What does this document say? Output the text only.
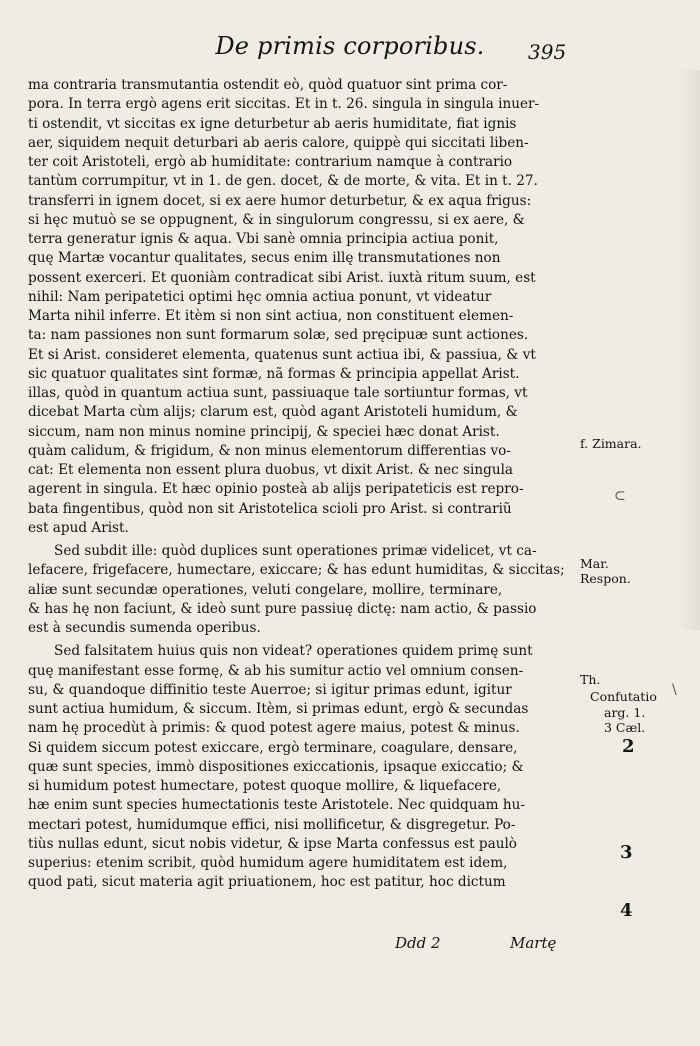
De primis corporibus.	395
ma contraria transmutantia ostendit eò, quòd quatuor sint prima cor-
pora. In terra ergò agens erit siccitas. Et in t. 26. singula in singula inuer-
ti ostendit, vt siccitas ex igne deturbetur ab aeris humiditate, fiat ignis
aer, siquidem nequit deturbari ab aeris calore, quippè qui siccitati liben-
ter coit Aristoteli, ergò ab humiditate: contrarium namque à contrario
tantùm corrumpitur, vt in 1. de gen. docet, & de morte, & vita. Et in t. 27.
transferri in ignem docet, si ex aere humor deturbetur, & ex aqua frigus:
si hęc mutuò se se oppugnent, & in singulorum congressu, si ex aere, &
terra generatur ignis & aqua. Vbi sanè omnia principia actiua ponit,
quę Martæ vocantur qualitates, secus enim illę transmutationes non
possent exerceri. Et quoniàm contradicat sibi Arist. iuxtà ritum suum, est
nihil: Nam peripatetici optimi hęc omnia actiua ponunt, vt videatur
Marta nihil inferre. Et itèm si non sint actiua, non constituent elemen-
ta: nam passiones non sunt formarum solæ, sed pręcipuæ sunt actiones.
Et si Arist. consideret elementa, quatenus sunt actiua ibi, & passiua, & vt
sic quatuor qualitates sint formæ, nã formas & principia appellat Arist.
illas, quòd in quantum actiua sunt, passiuaque tale sortiuntur formas, vt
dicebat Marta cùm alijs; clarum est, quòd agant Aristoteli humidum, &
siccum, nam non minus nomine principij, & speciei hæc donat Arist.
quàm calidum, & frigidum, & non minus elementorum differentias vo-
cat: Et elementa non essent plura duobus, vt dixit Arist. & nec singula
agerent in singula. Et hæc opinio posteà ab alijs peripateticis est repro-
bata fingentibus, quòd non sit Aristotelica scioli pro Arist. si contrariũ
est apud Arist.
Sed subdit ille: quòd duplices sunt operationes primæ videlicet, vt ca-
lefacere, frigefacere, humectare, exiccare; & has edunt humiditas, & siccitas;
aliæ sunt secundæ operationes, veluti congelare, mollire, terminare,
& has hę non faciunt, & ideò sunt pure passiuę dictę: nam actio, & passio
est à secundis sumenda operibus.
Sed falsitatem huius quis non videat? operationes quidem primę sunt
quę manifestant esse formę, & ab his sumitur actio vel omnium consen-
su, & quandoque diffinitio teste Auerroe; si igitur primas edunt, igitur
sunt actiua humidum, & siccum. Itèm, si primas edunt, ergò & secundas
nam hę procedùt à primis: & quod potest agere maius, potest & minus.
Si quidem siccum potest exiccare, ergò terminare, coagulare, densare,
quæ sunt species, immò dispositiones exiccationis, ipsaque exiccatio; &
si humidum potest humectare, potest quoque mollire, & liquefacere,
hæ enim sunt species humectationis teste Aristotele. Nec quidquam hu-
mectari potest, humidumque effici, nisi mollificetur, & disgregetur. Po-
tiùs nullas edunt, sicut nobis videtur, & ipse Marta confessus est paulò
superius: etenim scribit, quòd humidum agere humiditatem est idem,
quod pati, sicut materia agit priuationem, hoc est patitur, hoc dictum
f. Zimara.
Mar.
Respon.
Th.
Confutatio
arg. 1.
3 Cæl.
2
3
4
⊂
\
Ddd 2	Martę
